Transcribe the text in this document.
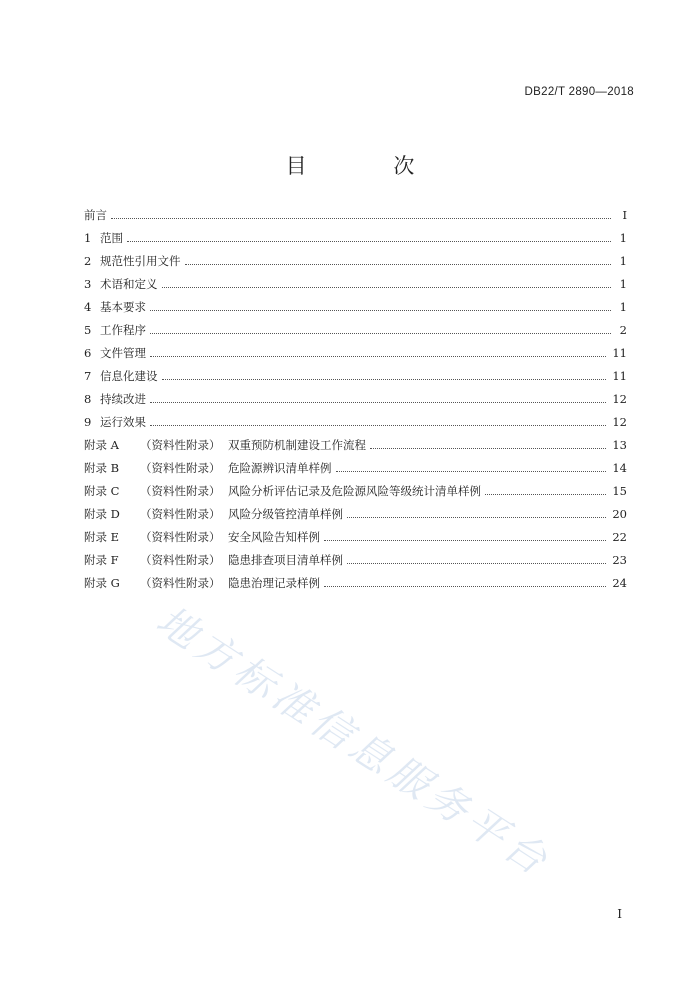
DB22/T 2890—2018
目 次
前言	I
1 范围	1
2 规范性引用文件	1
3 术语和定义	1
4 基本要求	1
5 工作程序	2
6 文件管理	11
7 信息化建设	11
8 持续改进	12
9 运行效果	12
附录 A	（资料性附录） 双重预防机制建设工作流程	13
附录 B	（资料性附录） 危险源辨识清单样例	14
附录 C	（资料性附录） 风险分析评估记录及危险源风险等级统计清单样例	15
附录 D	（资料性附录） 风险分级管控清单样例	20
附录 E	（资料性附录） 安全风险告知样例	22
附录 F	（资料性附录） 隐患排查项目清单样例	23
附录 G	（资料性附录） 隐患治理记录样例	24
地方标准信息服务平台
I
